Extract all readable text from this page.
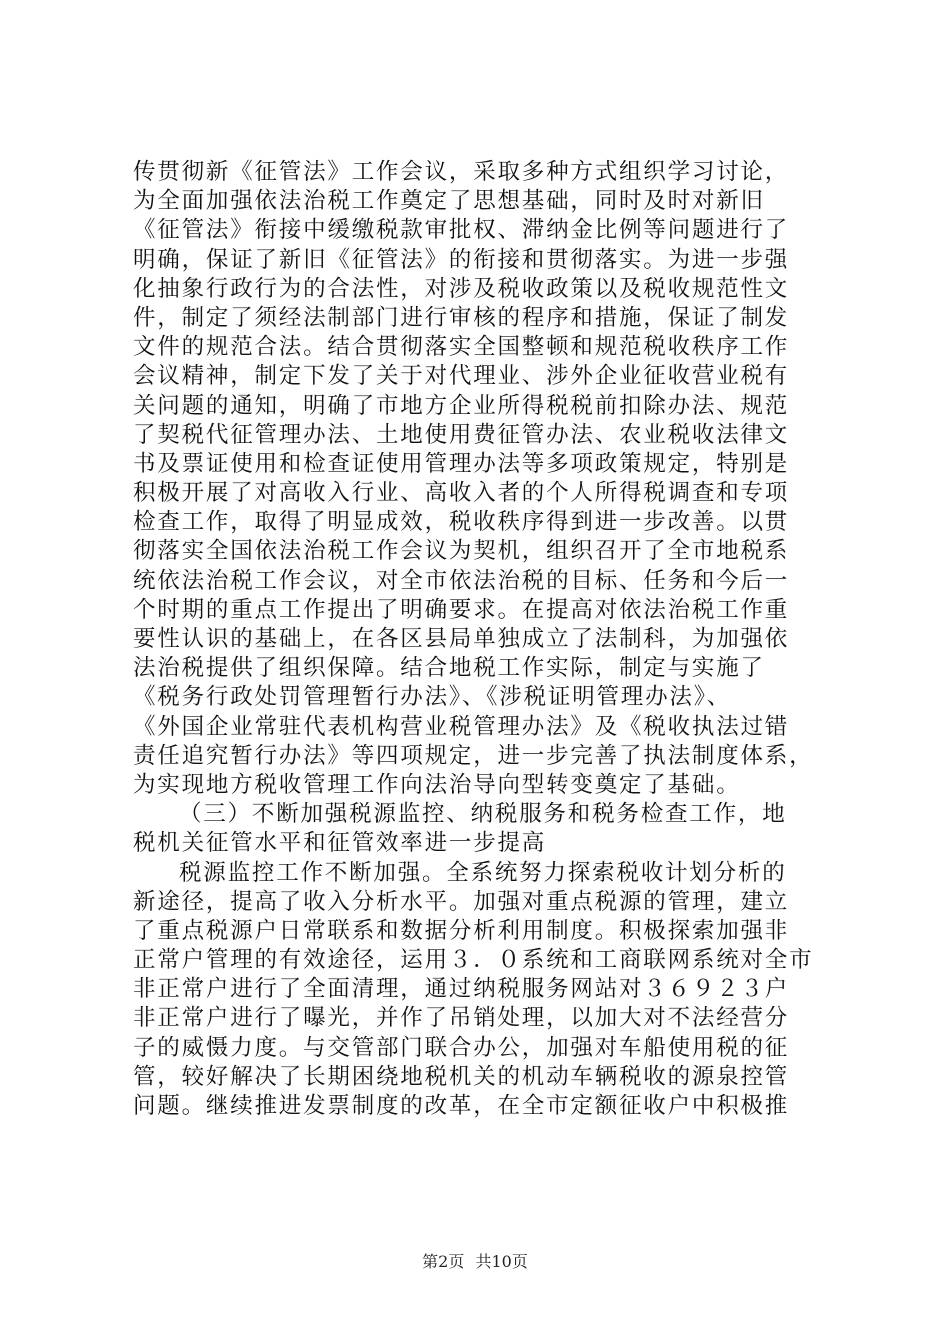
传贯彻新《征管法》工作会议，采取多种方式组织学习讨论，
为全面加强依法治税工作奠定了思想基础，同时及时对新旧
《征管法》衔接中缓缴税款审批权、滞纳金比例等问题进行了
明确，保证了新旧《征管法》的衔接和贯彻落实。为进一步强
化抽象行政行为的合法性，对涉及税收政策以及税收规范性文
件，制定了须经法制部门进行审核的程序和措施，保证了制发
文件的规范合法。结合贯彻落实全国整顿和规范税收秩序工作
会议精神，制定下发了关于对代理业、涉外企业征收营业税有
关问题的通知，明确了市地方企业所得税税前扣除办法、规范
了契税代征管理办法、土地使用费征管办法、农业税收法律文
书及票证使用和检查证使用管理办法等多项政策规定，特别是
积极开展了对高收入行业、高收入者的个人所得税调查和专项
检查工作，取得了明显成效，税收秩序得到进一步改善。以贯
彻落实全国依法治税工作会议为契机，组织召开了全市地税系
统依法治税工作会议，对全市依法治税的目标、任务和今后一
个时期的重点工作提出了明确要求。在提高对依法治税工作重
要性认识的基础上，在各区县局单独成立了法制科，为加强依
法治税提供了组织保障。结合地税工作实际，制定与实施了
《税务行政处罚管理暂行办法》、《涉税证明管理办法》、
《外国企业常驻代表机构营业税管理办法》及《税收执法过错
责任追究暂行办法》等四项规定，进一步完善了执法制度体系，
为实现地方税收管理工作向法治导向型转变奠定了基础。
（三）不断加强税源监控、纳税服务和税务检查工作，地
税机关征管水平和征管效率进一步提高
税源监控工作不断加强。全系统努力探索税收计划分析的
新途径，提高了收入分析水平。加强对重点税源的管理，建立
了重点税源户日常联系和数据分析利用制度。积极探索加强非
正常户管理的有效途径，运用３．０系统和工商联网系统对全市
非正常户进行了全面清理，通过纳税服务网站对３６９２３户
非正常户进行了曝光，并作了吊销处理，以加大对不法经营分
子的威慑力度。与交管部门联合办公，加强对车船使用税的征
管，较好解决了长期困绕地税机关的机动车辆税收的源泉控管
问题。继续推进发票制度的改革，在全市定额征收户中积极推
第2页 共10页
